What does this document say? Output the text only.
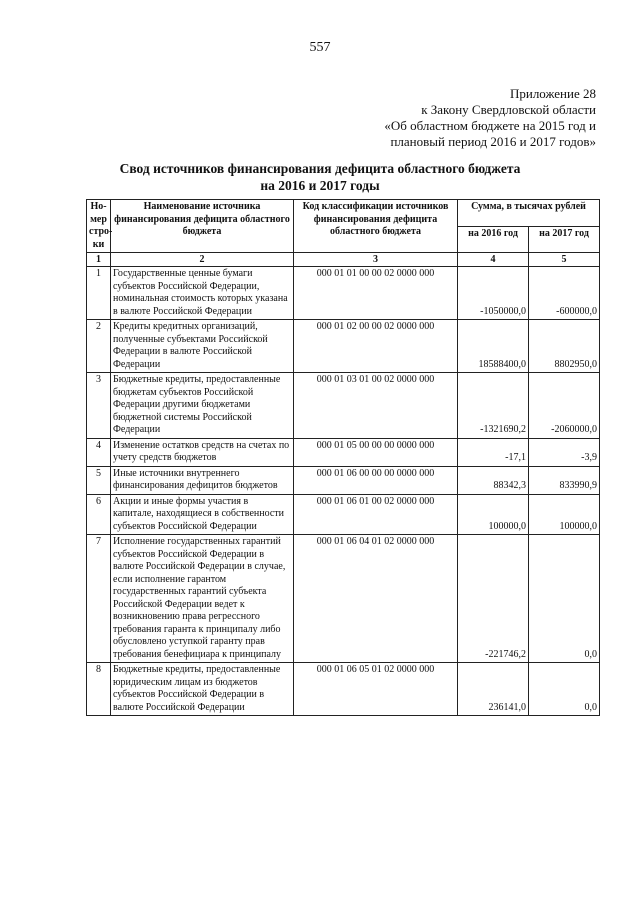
557
Приложение 28
к Закону Свердловской области
«Об областном бюджете на 2015 год и
плановый период 2016 и 2017 годов»
Свод источников финансирования дефицита областного бюджета
на 2016 и 2017 годы
Но-мер стро-ки	Наименование источника финансирования дефицита областного бюджета	Код классификации источников финансирования дефицита областного бюджета	Сумма, в тысячах рублей	
			на 2016 год	на 2017 год
1	2	3	4	5
1	Государственные ценные бумаги субъектов Российской Федерации, номинальная стоимость которых указана в валюте Российской Федерации	000 01 01 00 00 02 0000 000	-1050000,0	-600000,0
2	Кредиты кредитных организаций, полученные субъектами Российской Федерации в валюте Российской Федерации	000 01 02 00 00 02 0000 000	18588400,0	8802950,0
3	Бюджетные кредиты, предоставленные бюджетам субъектов Российской Федерации другими бюджетами бюджетной системы Российской Федерации	000 01 03 01 00 02 0000 000	-1321690,2	-2060000,0
4	Изменение остатков средств на счетах по учету средств бюджетов	000 01 05 00 00 00 0000 000	-17,1	-3,9
5	Иные источники внутреннего финансирования дефицитов бюджетов	000 01 06 00 00 00 0000 000	88342,3	833990,9
6	Акции и иные формы участия в капитале, находящиеся в собственности субъектов Российской Федерации	000 01 06 01 00 02 0000 000	100000,0	100000,0
7	Исполнение государственных гарантий субъектов Российской Федерации в валюте Российской Федерации в случае, если исполнение гарантом государственных гарантий субъекта Российской Федерации ведет к возникновению права регрессного требования гаранта к принципалу либо обусловлено уступкой гаранту прав требования бенефициара к принципалу	000 01 06 04 01 02 0000 000	-221746,2	0,0
8	Бюджетные кредиты, предоставленные юридическим лицам из бюджетов субъектов Российской Федерации в валюте Российской Федерации	000 01 06 05 01 02 0000 000	236141,0	0,0
